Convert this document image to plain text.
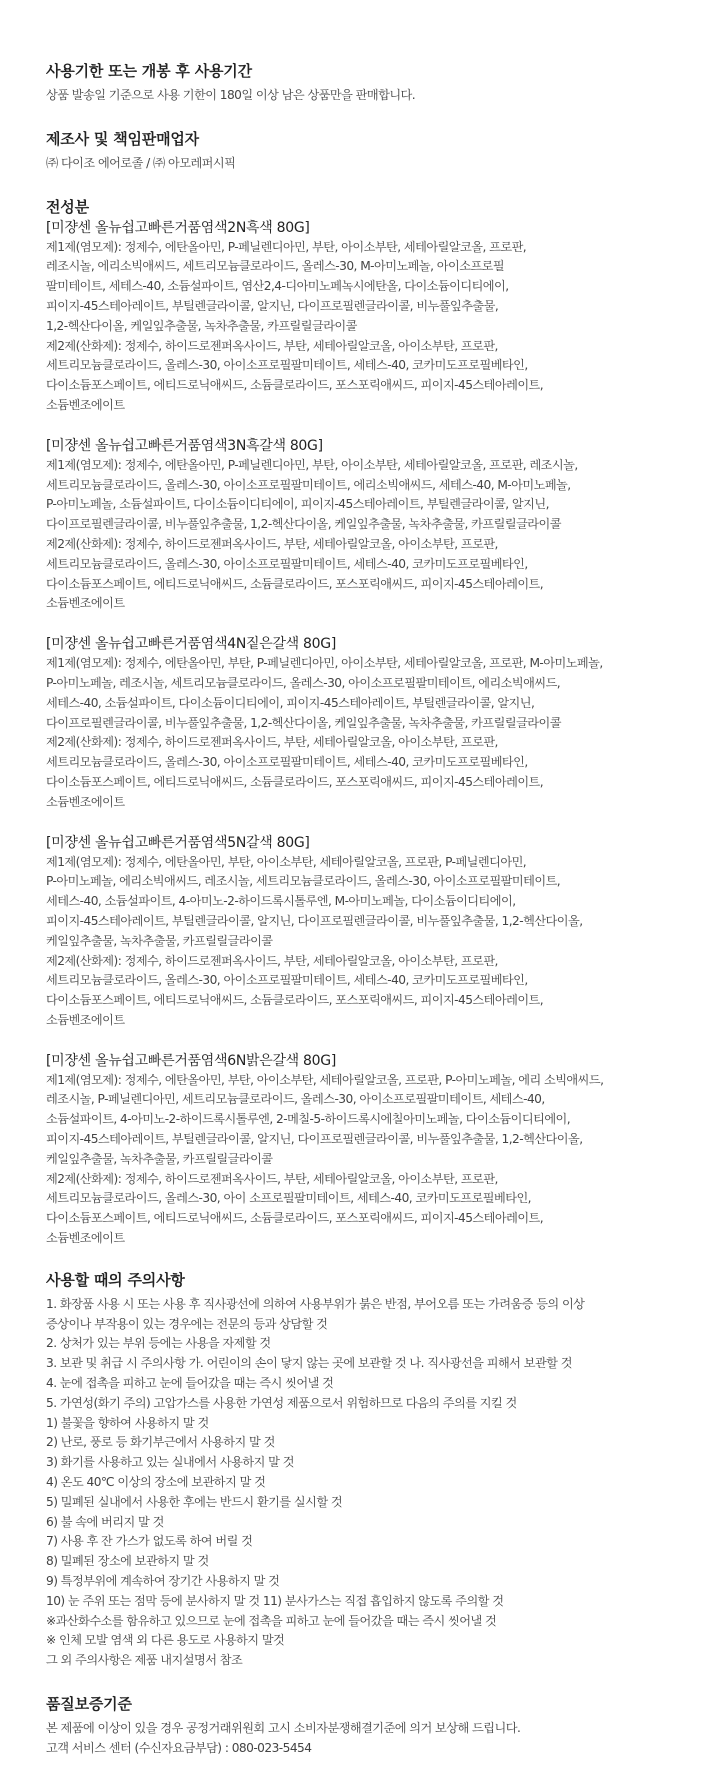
사용기한 또는 개봉 후 사용기간
상품 발송일 기준으로 사용 기한이 180일 이상 남은 상품만을 판매합니다.
제조사 및 책임판매업자
㈜ 다이조 에어로졸 / ㈜ 아모레퍼시픽
전성분
[미쟝센 올뉴쉽고빠른거품염색2N흑색 80G]
제1제(염모제): 정제수, 에탄올아민, P-페닐렌디아민, 부탄, 아이소부탄, 세테아릴알코올, 프로판,
레조시놀, 에리소빅애씨드, 세트리모늄클로라이드, 올레스-30, M-아미노페놀, 아이소프로필
팔미테이트, 세테스-40, 소듐설파이트, 염산2,4-디아미노페녹시에탄올, 다이소듐이디티에이,
피이지-45스테아레이트, 부틸렌글라이콜, 알지닌, 다이프로필렌글라이콜, 비누풀잎추출물,
1,2-헥산다이올, 케일잎추출물, 녹차추출물, 카프릴릴글라이콜
제2제(산화제): 정제수, 하이드로젠퍼옥사이드, 부탄, 세테아릴알코올, 아이소부탄, 프로판,
세트리모늄클로라이드, 올레스-30, 아이소프로필팔미테이트, 세테스-40, 코카미도프로필베타인,
다이소듐포스페이트, 에티드로닉애씨드, 소듐클로라이드, 포스포릭애씨드, 피이지-45스테아레이트,
소듐벤조에이트
[미쟝센 올뉴쉽고빠른거품염색3N흑갈색 80G]
제1제(염모제): 정제수, 에탄올아민, P-페닐렌디아민, 부탄, 아이소부탄, 세테아릴알코올, 프로판, 레조시놀,
세트리모늄클로라이드, 올레스-30, 아이소프로필팔미테이트, 에리소빅애씨드, 세테스-40, M-아미노페놀,
P-아미노페놀, 소듐설파이트, 다이소듐이디티에이, 피이지-45스테아레이트, 부틸렌글라이콜, 알지닌,
다이프로필렌글라이콜, 비누풀잎추출물, 1,2-헥산다이올, 케일잎추출물, 녹차추출물, 카프릴릴글라이콜
제2제(산화제): 정제수, 하이드로젠퍼옥사이드, 부탄, 세테아릴알코올, 아이소부탄, 프로판,
세트리모늄클로라이드, 올레스-30, 아이소프로필팔미테이트, 세테스-40, 코카미도프로필베타인,
다이소듐포스페이트, 에티드로닉애씨드, 소듐클로라이드, 포스포릭애씨드, 피이지-45스테아레이트,
소듐벤조에이트
[미쟝센 올뉴쉽고빠른거품염색4N짙은갈색 80G]
제1제(염모제): 정제수, 에탄올아민, 부탄, P-페닐렌디아민, 아이소부탄, 세테아릴알코올, 프로판, M-아미노페놀,
P-아미노페놀, 레조시놀, 세트리모늄클로라이드, 올레스-30, 아이소프로필팔미테이트, 에리소빅애씨드,
세테스-40, 소듐설파이트, 다이소듐이디티에이, 피이지-45스테아레이트, 부틸렌글라이콜, 알지닌,
다이프로필렌글라이콜, 비누풀잎추출물, 1,2-헥산다이올, 케일잎추출물, 녹차추출물, 카프릴릴글라이콜
제2제(산화제): 정제수, 하이드로젠퍼옥사이드, 부탄, 세테아릴알코올, 아이소부탄, 프로판,
세트리모늄클로라이드, 올레스-30, 아이소프로필팔미테이트, 세테스-40, 코카미도프로필베타인,
다이소듐포스페이트, 에티드로닉애씨드, 소듐클로라이드, 포스포릭애씨드, 피이지-45스테아레이트,
소듐벤조에이트
[미쟝센 올뉴쉽고빠른거품염색5N갈색 80G]
제1제(염모제): 정제수, 에탄올아민, 부탄, 아이소부탄, 세테아릴알코올, 프로판, P-페닐렌디아민,
P-아미노페놀, 에리소빅애씨드, 레조시놀, 세트리모늄클로라이드, 올레스-30, 아이소프로필팔미테이트,
세테스-40, 소듐설파이트, 4-아미노-2-하이드록시톨루엔, M-아미노페놀, 다이소듐이디티에이,
피이지-45스테아레이트, 부틸렌글라이콜, 알지닌, 다이프로필렌글라이콜, 비누풀잎추출물, 1,2-헥산다이올,
케일잎추출물, 녹차추출물, 카프릴릴글라이콜
제2제(산화제): 정제수, 하이드로젠퍼옥사이드, 부탄, 세테아릴알코올, 아이소부탄, 프로판,
세트리모늄클로라이드, 올레스-30, 아이소프로필팔미테이트, 세테스-40, 코카미도프로필베타인,
다이소듐포스페이트, 에티드로닉애씨드, 소듐클로라이드, 포스포릭애씨드, 피이지-45스테아레이트,
소듐벤조에이트
[미쟝센 올뉴쉽고빠른거품염색6N밝은갈색 80G]
제1제(염모제): 정제수, 에탄올아민, 부탄, 아이소부탄, 세테아릴알코올, 프로판, P-아미노페놀, 에리 소빅애씨드,
레조시놀, P-페닐렌디아민, 세트리모늄클로라이드, 올레스-30, 아이소프로필팔미테이트, 세테스-40,
소듐설파이트, 4-아미노-2-하이드록시톨루엔, 2-메칠-5-하이드록시에칠아미노페놀, 다이소듐이디티에이,
피이지-45스테아레이트, 부틸렌글라이콜, 알지닌, 다이프로필렌글라이콜, 비누풀잎추출물, 1,2-헥산다이올,
케일잎추출물, 녹차추출물, 카프릴릴글라이콜
제2제(산화제): 정제수, 하이드로젠퍼옥사이드, 부탄, 세테아릴알코올, 아이소부탄, 프로판,
세트리모늄클로라이드, 올레스-30, 아이 소프로필팔미테이트, 세테스-40, 코카미도프로필베타인,
다이소듐포스페이트, 에티드로닉애씨드, 소듐클로라이드, 포스포릭애씨드, 피이지-45스테아레이트,
소듐벤조에이트
사용할 때의 주의사항
1. 화장품 사용 시 또는 사용 후 직사광선에 의하여 사용부위가 붉은 반점, 부어오름 또는 가려움증 등의 이상
증상이나 부작용이 있는 경우에는 전문의 등과 상담할 것
2. 상처가 있는 부위 등에는 사용을 자제할 것
3. 보관 및 취급 시 주의사항 가. 어린이의 손이 닿지 않는 곳에 보관할 것 나. 직사광선을 피해서 보관할 것
4. 눈에 접촉을 피하고 눈에 들어갔을 때는 즉시 씻어낼 것
5. 가연성(화기 주의) 고압가스를 사용한 가연성 제품으로서 위험하므로 다음의 주의를 지킬 것
1) 불꽃을 향하여 사용하지 말 것
2) 난로, 풍로 등 화기부근에서 사용하지 말 것
3) 화기를 사용하고 있는 실내에서 사용하지 말 것
4) 온도 40℃ 이상의 장소에 보관하지 말 것
5) 밀폐된 실내에서 사용한 후에는 반드시 환기를 실시할 것
6) 불 속에 버리지 말 것
7) 사용 후 잔 가스가 없도록 하여 버릴 것
8) 밀폐된 장소에 보관하지 말 것
9) 특정부위에 계속하여 장기간 사용하지 말 것
10) 눈 주위 또는 점막 등에 분사하지 말 것 11) 분사가스는 직접 흡입하지 않도록 주의할 것
※과산화수소를 함유하고 있으므로 눈에 접촉을 피하고 눈에 들어갔을 때는 즉시 씻어낼 것
※ 인체 모발 염색 외 다른 용도로 사용하지 말것
그 외 주의사항은 제품 내지설명서 참조
품질보증기준
본 제품에 이상이 있을 경우 공정거래위원회 고시 소비자분쟁해결기준에 의거 보상해 드립니다.
고객 서비스 센터 (수신자요금부담) : 080-023-5454
